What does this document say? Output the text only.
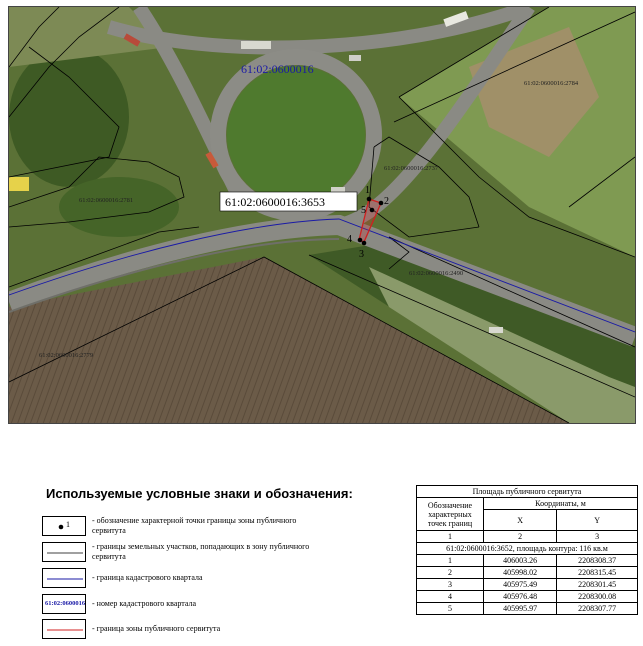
1
2
3
4
5
61:02:0600016
61:02:0600016:2784
61:02:0600016:2737
61:02:0600016:2781
61:02:0600016:2490
61:02:0600016:2779
61:02:0600016:3653
Используемые условные знаки и обозначения:
1	- обозначение характерной точки границы зоны публичного сервитута
- границы земельных участков, попадающих в зону публичного сервитута
- граница кадастрового квартала
61:02:0600016 - номер кадастрового квартала
- граница зоны публичного сервитута
Площадь публичного сервитута		
Обозначение характерных точек границ	Координаты, м	
	X	Y
1	2	3
61:02:0600016:3652, площадь контура: 116 кв.м		
1	406003.26	2208308.37
2	405998.02	2208315.45
3	405975.49	2208301.45
4	405976.48	2208300.08
5	405995.97	2208307.77
